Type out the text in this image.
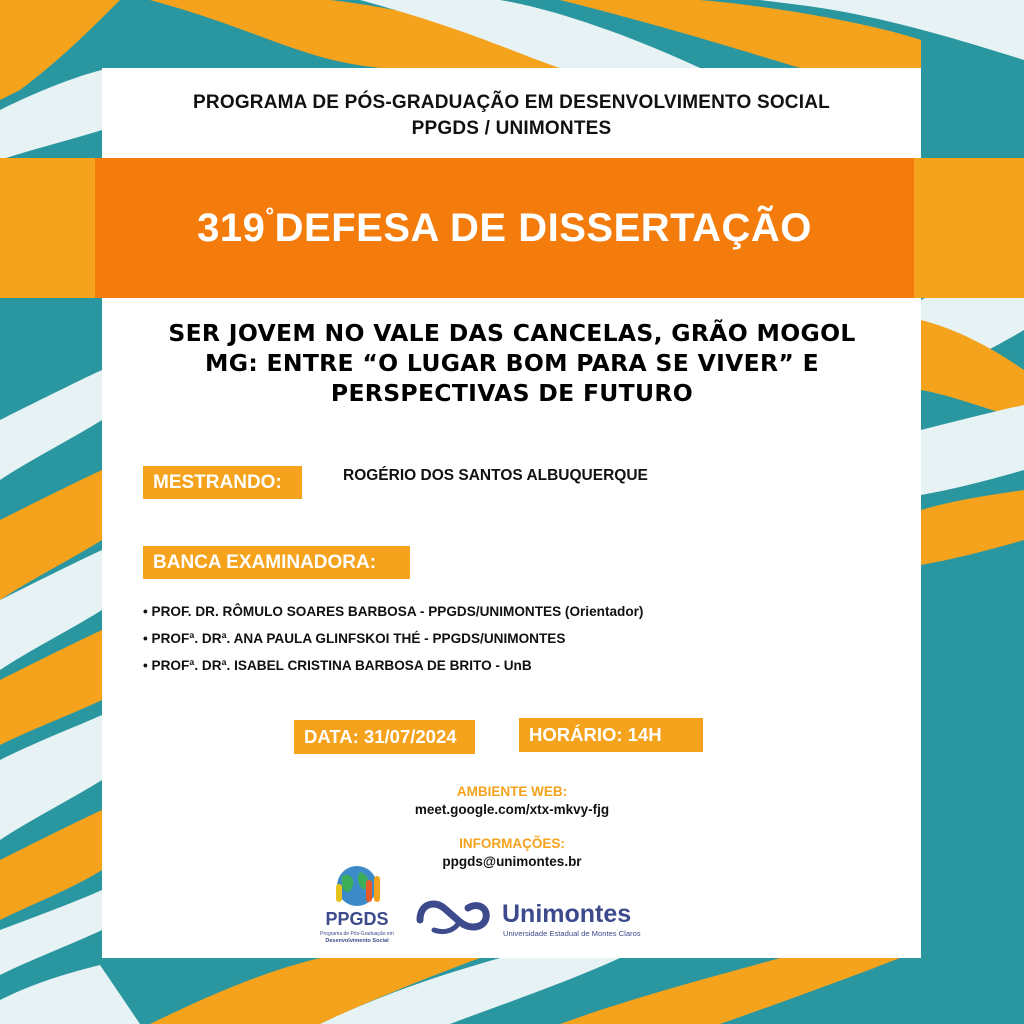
PROGRAMA DE PÓS-GRADUAÇÃO EM DESENVOLVIMENTO SOCIAL
PPGDS / UNIMONTES
319°DEFESA DE DISSERTAÇÃO
SER JOVEM NO VALE DAS CANCELAS, GRÃO MOGOL MG: ENTRE “O LUGAR BOM PARA SE VIVER” E PERSPECTIVAS DE FUTURO
MESTRANDO:	ROGÉRIO DOS SANTOS ALBUQUERQUE
BANCA EXAMINADORA:
• PROF. DR. RÔMULO SOARES BARBOSA - PPGDS/UNIMONTES (Orientador)
• PROFª. DRª. ANA PAULA GLINFSKOI THÉ - PPGDS/UNIMONTES
• PROFª. DRª. ISABEL CRISTINA BARBOSA DE BRITO - UnB
DATA: 31/07/2024	HORÁRIO: 14H
AMBIENTE WEB:
meet.google.com/xtx-mkvy-fjg
INFORMAÇÕES:
ppgds@unimontes.br
PPGDS
Programa de Pós-Graduação em
Desenvolvimento Social
Unimontes
Universidade Estadual de Montes Claros
